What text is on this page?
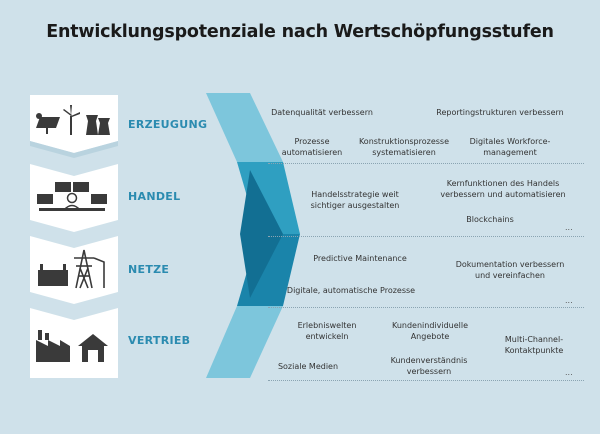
Entwicklungspotenziale nach Wertschöpfungsstufen
ERZEUGUNG
HANDEL
NETZE
VERTRIEB
Datenqualität verbessern	Reportingstrukturen verbessern
Prozesse
automatisieren
Konstruktionsprozesse
systematisieren
Digitales Workforce-
management
Handelsstrategie weit
sichtiger ausgestalten
Kernfunktionen des Handels
verbessern und automatisieren
Blockchains
Predictive Maintenance
Dokumentation verbessern
und vereinfachen
Digitale, automatische Prozesse
Erlebniswelten
entwickeln
Kundenindividuelle
Angebote	Multi-Channel-
Kontaktpunkte
Soziale Medien
Kundenverständnis
verbessern
...
...
...
